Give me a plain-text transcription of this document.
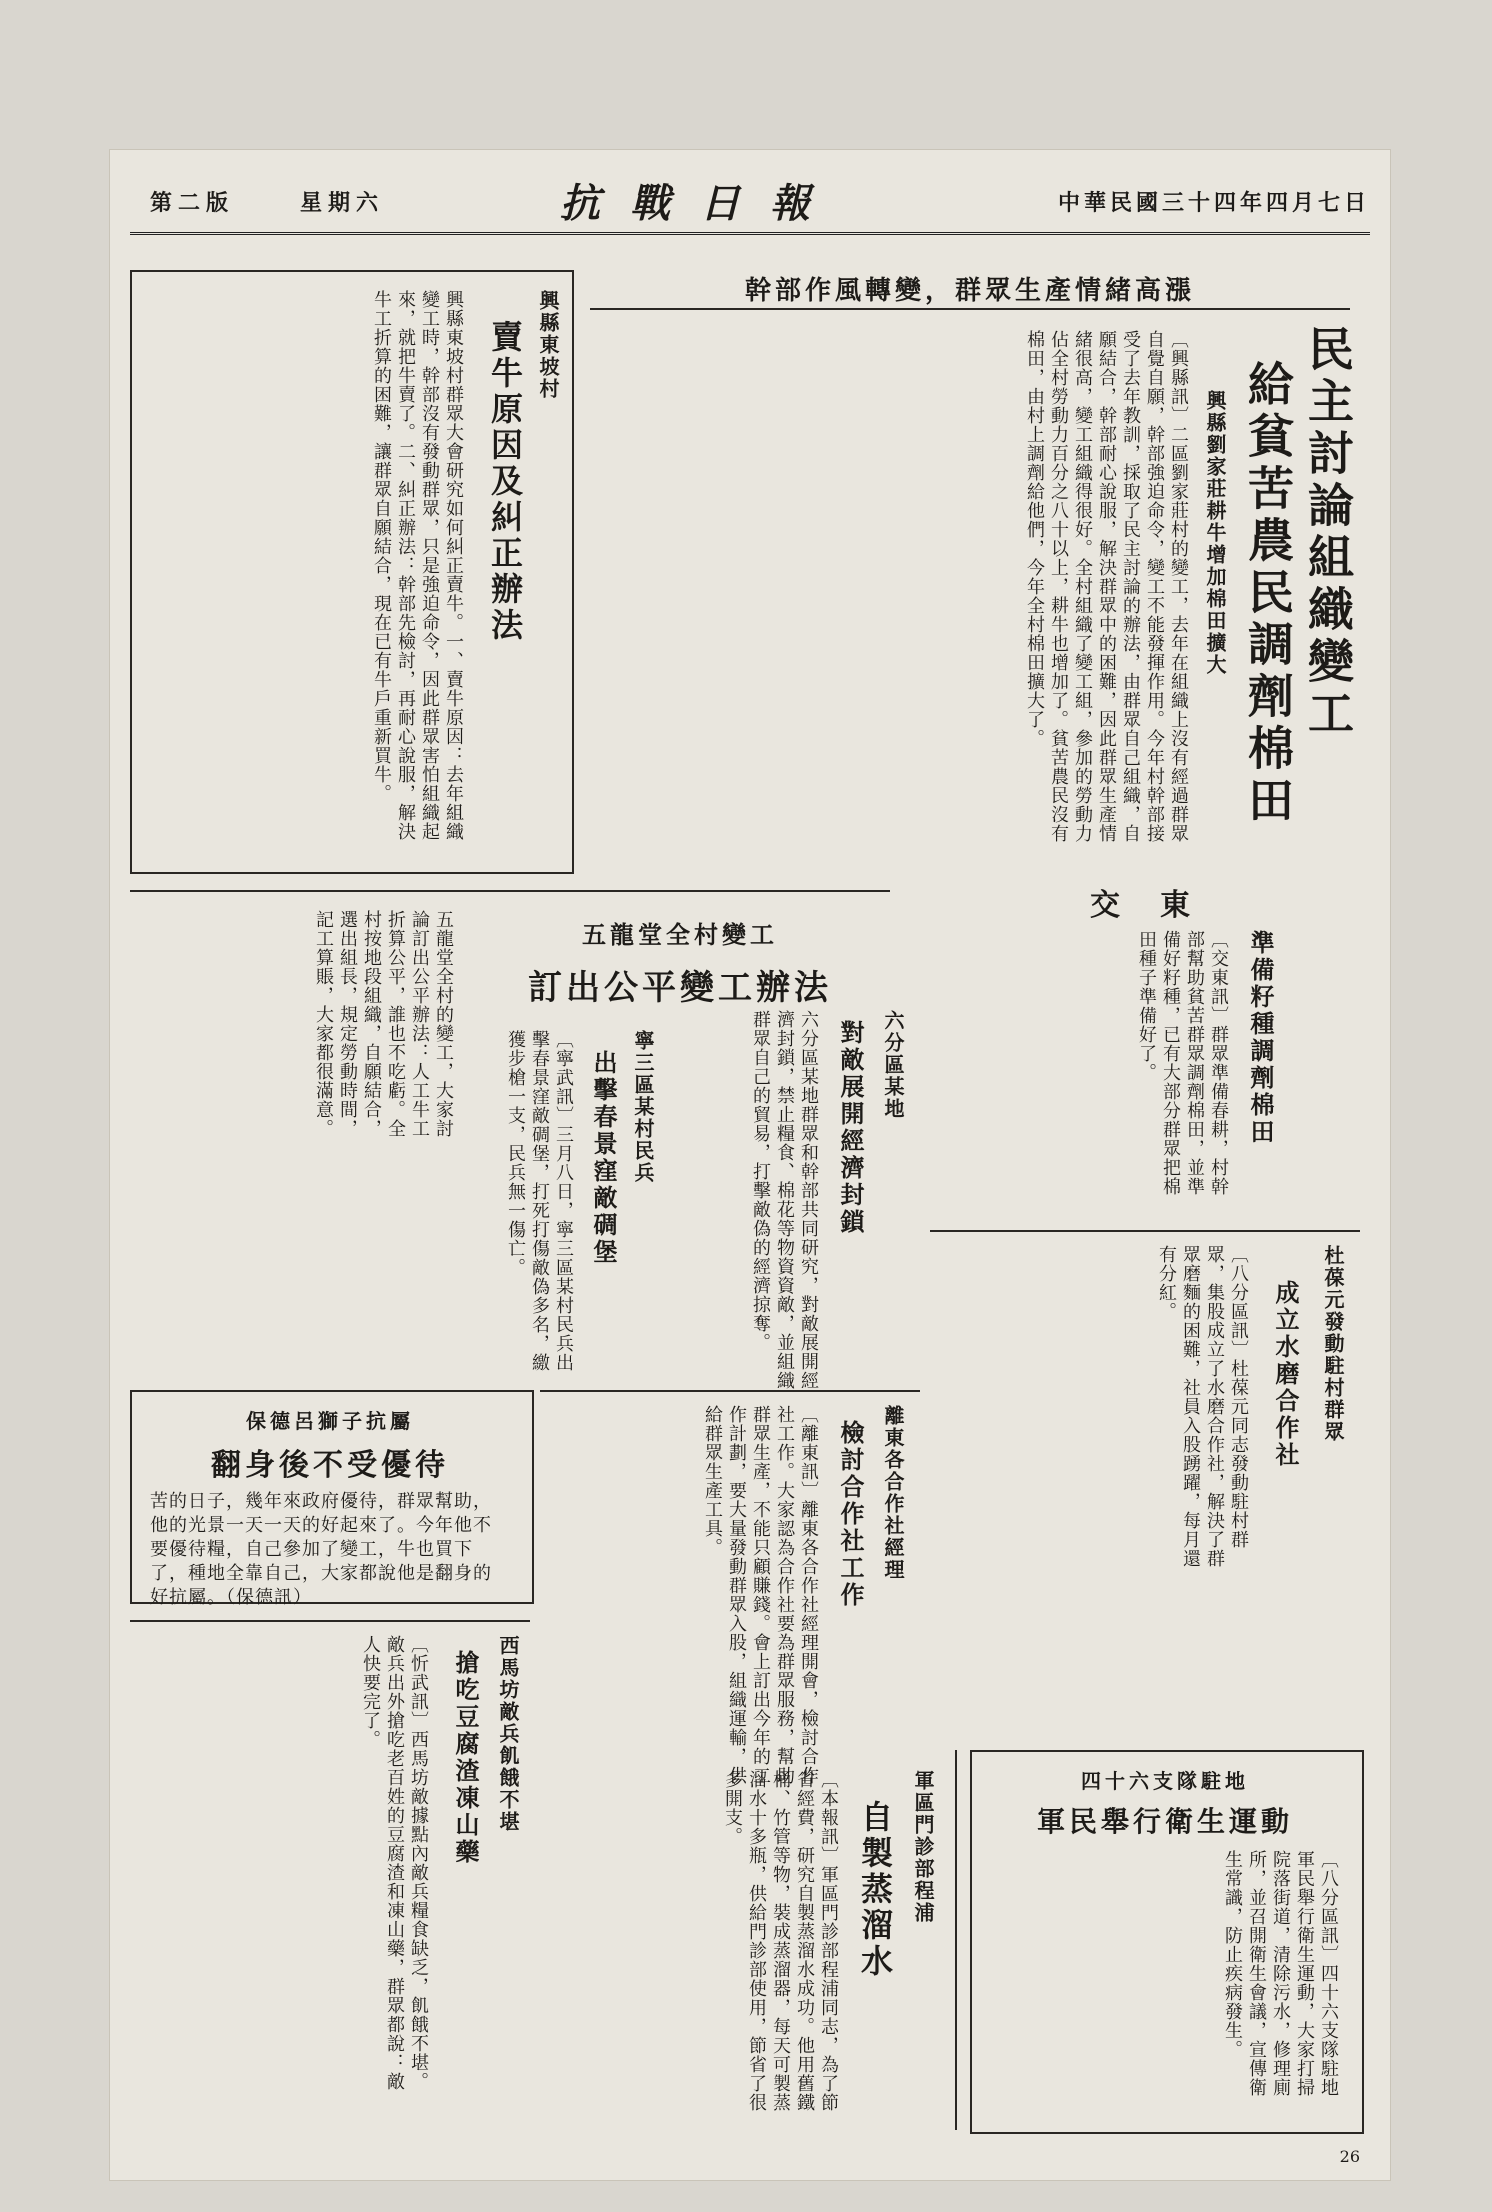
第二版	星期六	抗戰日報	中華民國三十四年四月七日
幹部作風轉變，群眾生產情緒高漲
民主討論組織變工
給貧苦農民調劑棉田
興縣劉家莊耕牛增加棉田擴大
〔興縣訊〕二區劉家莊村的變工，去年在組織上沒有經過群眾自覺自願，幹部強迫命令，變工不能發揮作用。今年村幹部接受了去年教訓，採取了民主討論的辦法，由群眾自己組織，自願結合，幹部耐心說服，解決群眾中的困難，因此群眾生產情緒很高，變工組織得很好。全村組織了變工組，參加的勞動力佔全村勞動力百分之八十以上，耕牛也增加了。貧苦農民沒有棉田，由村上調劑給他們，今年全村棉田擴大了。
興縣東坡村
賣牛原因及糾正辦法
興縣東坡村群眾大會研究如何糾正賣牛。一、賣牛原因：去年組織變工時，幹部沒有發動群眾，只是強迫命令，因此群眾害怕組織起來，就把牛賣了。二、糾正辦法：幹部先檢討，再耐心說服，解決牛工折算的困難，讓群眾自願結合，現在已有牛戶重新買牛。
五龍堂全村變工
訂出公平變工辦法
五龍堂全村的變工，大家討論訂出公平辦法：人工牛工折算公平，誰也不吃虧。全村按地段組織，自願結合，選出組長，規定勞動時間，記工算賬，大家都很滿意。
交東
準備籽種調劑棉田
〔交東訊〕群眾準備春耕，村幹部幫助貧苦群眾調劑棉田，並準備好籽種，已有大部分群眾把棉田種子準備好了。
杜葆元發動駐村群眾
成立水磨合作社
〔八分區訊〕杜葆元同志發動駐村群眾，集股成立了水磨合作社，解決了群眾磨麵的困難，社員入股踴躍，每月還有分紅。
六分區某地
對敵展開經濟封鎖
六分區某地群眾和幹部共同研究，對敵展開經濟封鎖，禁止糧食、棉花等物資資敵，並組織群眾自己的貿易，打擊敵偽的經濟掠奪。
寧三區某村民兵
出擊春景窪敵碉堡
〔寧武訊〕三月八日，寧三區某村民兵出擊春景窪敵碉堡，打死打傷敵偽多名，繳獲步槍一支，民兵無一傷亡。
保德呂獅子抗屬
翻身後不受優待
苦的日子，幾年來政府優待，群眾幫助，他的光景一天一天的好起來了。今年他不要優待糧，自己參加了變工，牛也買下了，種地全靠自己，大家都說他是翻身的好抗屬。（保德訊）
離東各合作社經理
檢討合作社工作
〔離東訊〕離東各合作社經理開會，檢討合作社工作。大家認為合作社要為群眾服務，幫助群眾生產，不能只顧賺錢。會上訂出今年的工作計劃，要大量發動群眾入股，組織運輸，供給群眾生產工具。
西馬坊敵兵飢餓不堪
搶吃豆腐渣凍山藥
〔忻武訊〕西馬坊敵據點內敵兵糧食缺乏，飢餓不堪。敵兵出外搶吃老百姓的豆腐渣和凍山藥，群眾都說：敵人快要完了。
四十六支隊駐地
軍民舉行衛生運動
〔八分區訊〕四十六支隊駐地軍民舉行衛生運動，大家打掃院落街道，清除污水，修理廁所，並召開衛生會議，宣傳衛生常識，防止疾病發生。
軍區門診部程浦
自製蒸溜水
〔本報訊〕軍區門診部程浦同志，為了節省經費，研究自製蒸溜水成功。他用舊鐵桶、竹管等物，裝成蒸溜器，每天可製蒸溜水十多瓶，供給門診部使用，節省了很多開支。
26
